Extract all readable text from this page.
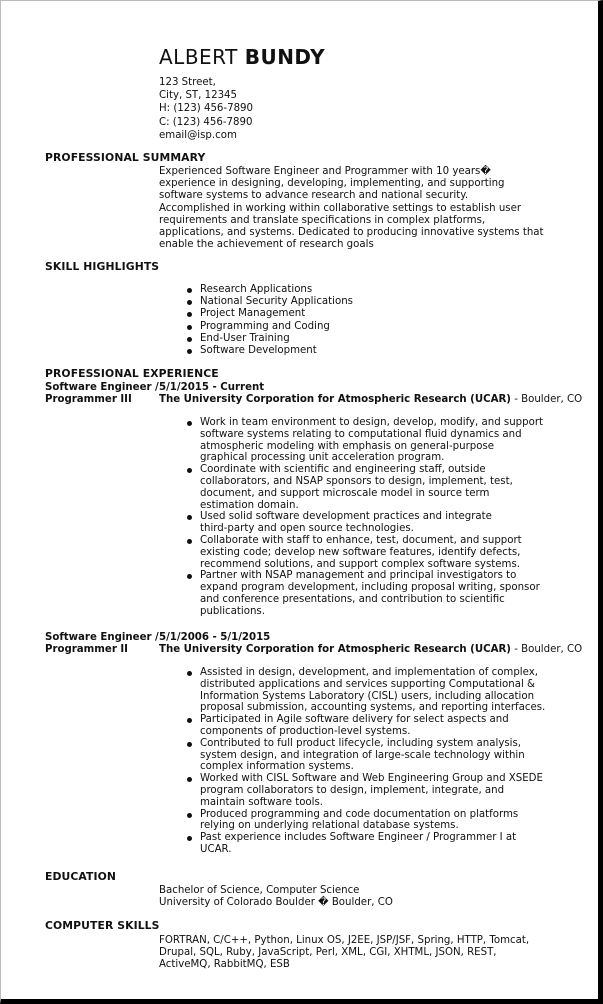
ALBERT BUNDY
123 Street,
City, ST, 12345
H: (123) 456-7890
C: (123) 456-7890
email@isp.com
PROFESSIONAL SUMMARY
Experienced Software Engineer and Programmer with 10 years�
experience in designing, developing, implementing, and supporting
software systems to advance research and national security.
Accomplished in working within collaborative settings to establish user
requirements and translate specifications in complex platforms,
applications, and systems. Dedicated to producing innovative systems that
enable the achievement of research goals
SKILL HIGHLIGHTS
Research Applications
National Security Applications
Project Management
Programming and Coding
End-User Training
Software Development
PROFESSIONAL EXPERIENCE
Software Engineer /
Programmer III
5/1/2015 - Current
The University Corporation for Atmospheric Research (UCAR) - Boulder, CO
Work in team environment to design, develop, modify, and support
software systems relating to computational fluid dynamics and
atmospheric modeling with emphasis on general-purpose
graphical processing unit acceleration program.
Coordinate with scientific and engineering staff, outside
collaborators, and NSAP sponsors to design, implement, test,
document, and support microscale model in source term
estimation domain.
Used solid software development practices and integrate
third-party and open source technologies.
Collaborate with staff to enhance, test, document, and support
existing code; develop new software features, identify defects,
recommend solutions, and support complex software systems.
Partner with NSAP management and principal investigators to
expand program development, including proposal writing, sponsor
and conference presentations, and contribution to scientific
publications.
Software Engineer /
Programmer II
5/1/2006 - 5/1/2015
The University Corporation for Atmospheric Research (UCAR) - Boulder, CO
Assisted in design, development, and implementation of complex,
distributed applications and services supporting Computational &
Information Systems Laboratory (CISL) users, including allocation
proposal submission, accounting systems, and reporting interfaces.
Participated in Agile software delivery for select aspects and
components of production-level systems.
Contributed to full product lifecycle, including system analysis,
system design, and integration of large-scale technology within
complex information systems.
Worked with CISL Software and Web Engineering Group and XSEDE
program collaborators to design, implement, integrate, and
maintain software tools.
Produced programming and code documentation on platforms
relying on underlying relational database systems.
Past experience includes Software Engineer / Programmer I at
UCAR.
EDUCATION
Bachelor of Science, Computer Science
University of Colorado Boulder � Boulder, CO
COMPUTER SKILLS
FORTRAN, C/C++, Python, Linux OS, J2EE, JSP/JSF, Spring, HTTP, Tomcat,
Drupal, SQL, Ruby, JavaScript, Perl, XML, CGI, XHTML, JSON, REST,
ActiveMQ, RabbitMQ, ESB
